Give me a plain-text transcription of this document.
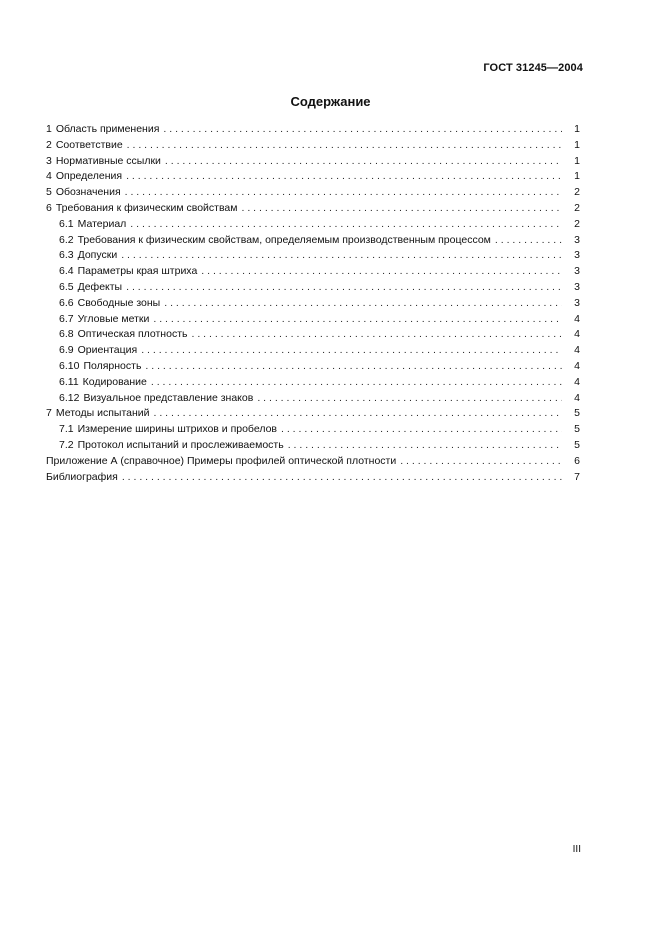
ГОСТ 31245—2004
Содержание
1 Область применения . . .	1
2 Соответствие . . .	1
3 Нормативные ссылки . . .	1
4 Определения . . .	1
5 Обозначения . . .	2
6 Требования к физическим свойствам . . .	2
6.1 Материал . . .	2
6.2 Требования к физическим свойствам, определяемым производственным процессом . . .	3
6.3 Допуски . . .	3
6.4 Параметры края штриха . . .	3
6.5 Дефекты . . .	3
6.6 Свободные зоны . . .	3
6.7 Угловые метки . . .	4
6.8 Оптическая плотность . . .	4
6.9 Ориентация . . .	4
6.10 Полярность . . .	4
6.11 Кодирование . . .	4
6.12 Визуальное представление знаков . . .	4
7 Методы испытаний . . .	5
7.1 Измерение ширины штрихов и пробелов . . .	5
7.2 Протокол испытаний и прослеживаемость . . .	5
Приложение А (справочное) Примеры профилей оптической плотности . . .	6
Библиография . . .	7
III
